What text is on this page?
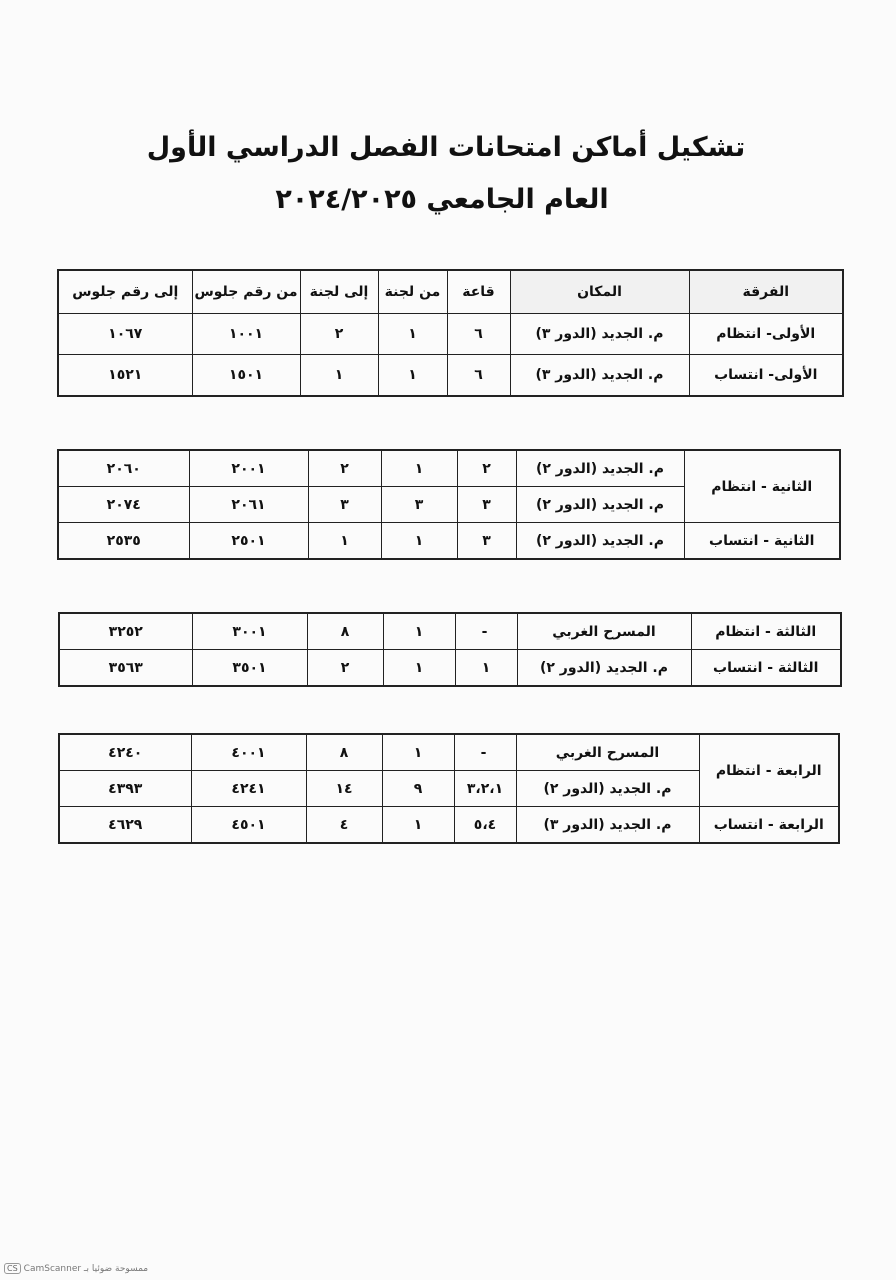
تشكيل أماكن امتحانات الفصل الدراسي الأول
العام الجامعي ٢٠٢٤/٢٠٢٥
الفرقة	المكان	قاعة	من لجنة	إلى لجنة	من رقم جلوس	إلى رقم جلوس
الأولى- انتظام	م. الجديد (الدور ٣)	٦	١	٢	١٠٠١	١٠٦٧
الأولى- انتساب	م. الجديد (الدور ٣)	٦	١	١	١٥٠١	١٥٢١
الثانية - انتظام	م. الجديد (الدور ٢)	٢	١	٢	٢٠٠١	٢٠٦٠
	م. الجديد (الدور ٢)	٣	٣	٣	٢٠٦١	٢٠٧٤
الثانية - انتساب	م. الجديد (الدور ٢)	٣	١	١	٢٥٠١	٢٥٣٥
الثالثة - انتظام	المسرح الغربي	-	١	٨	٣٠٠١	٣٢٥٢
الثالثة - انتساب	م. الجديد (الدور ٢)	١	١	٢	٣٥٠١	٣٥٦٣
الرابعة - انتظام	المسرح الغربي	-	١	٨	٤٠٠١	٤٢٤٠
	م. الجديد (الدور ٢)	٣،٢،١	٩	١٤	٤٢٤١	٤٣٩٣
الرابعة - انتساب	م. الجديد (الدور ٣)	٥،٤	١	٤	٤٥٠١	٤٦٢٩
CS CamScanner ممسوحة ضوئيا بـ
